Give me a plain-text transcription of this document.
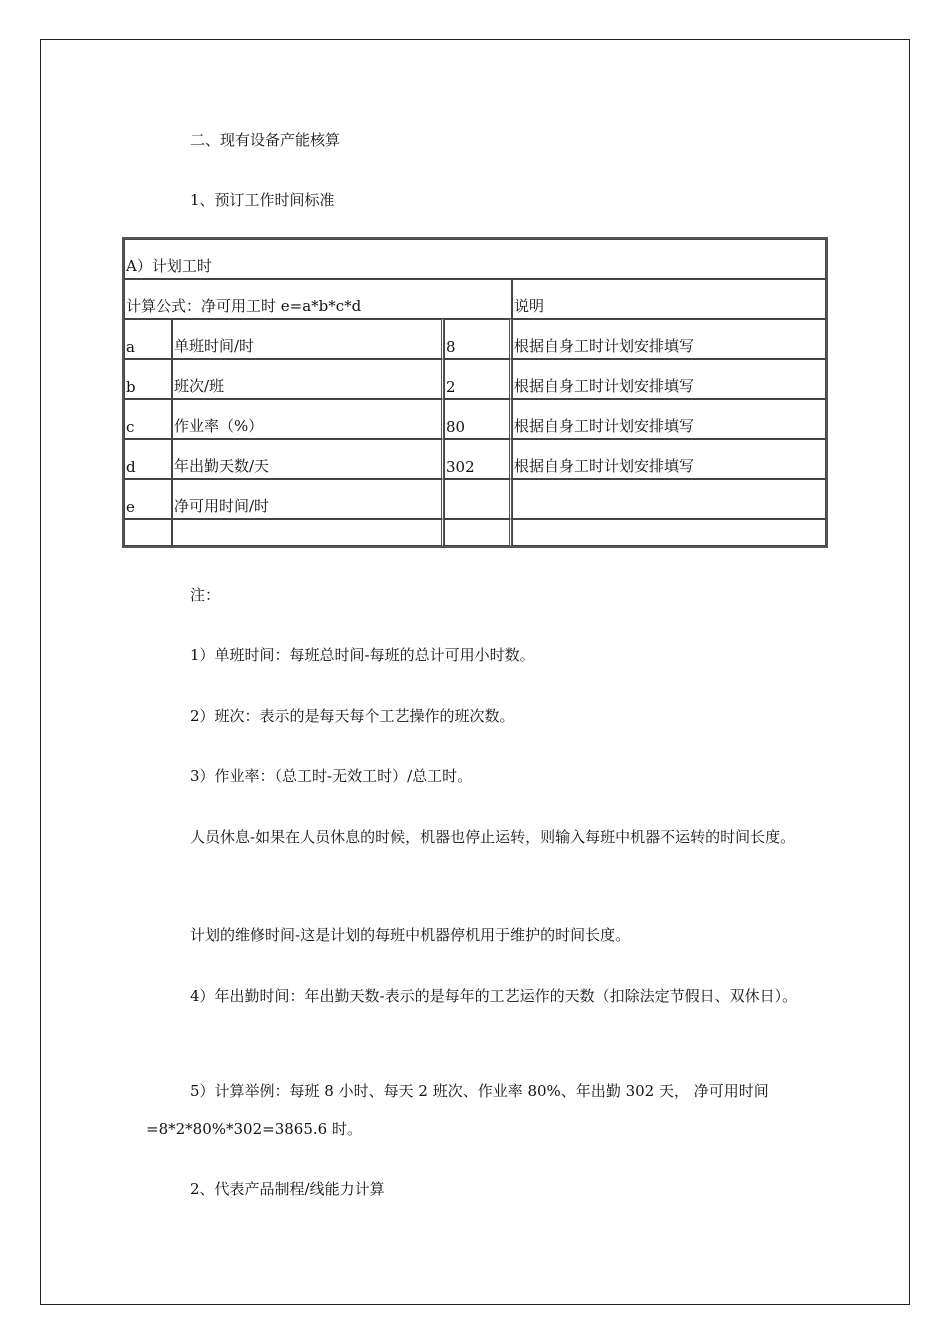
二、现有设备产能核算
1、预订工作时间标准
A）计划工时			
计算公式：净可用工时 e=a*b*c*d			说明
a	单班时间/时	8	根据自身工时计划安排填写
b	班次/班	2	根据自身工时计划安排填写
c	作业率（%）	80	根据自身工时计划安排填写
d	年出勤天数/天	302	根据自身工时计划安排填写
e	净可用时间/时		

注：
1）单班时间：每班总时间-每班的总计可用小时数。
2）班次：表示的是每天每个工艺操作的班次数。
3）作业率：（总工时-无效工时）/总工时。
人员休息-如果在人员休息的时候，机器也停止运转，则输入每班中机器不运转的时间长度。
计划的维修时间-这是计划的每班中机器停机用于维护的时间长度。
4）年出勤时间：年出勤天数-表示的是每年的工艺运作的天数（扣除法定节假日、双休日）。
5）计算举例：每班 8 小时、每天 2 班次、作业率 80%、年出勤 302 天， 净可用时间=8*2*80%*302=3865.6 时。
2、代表产品制程/线能力计算
